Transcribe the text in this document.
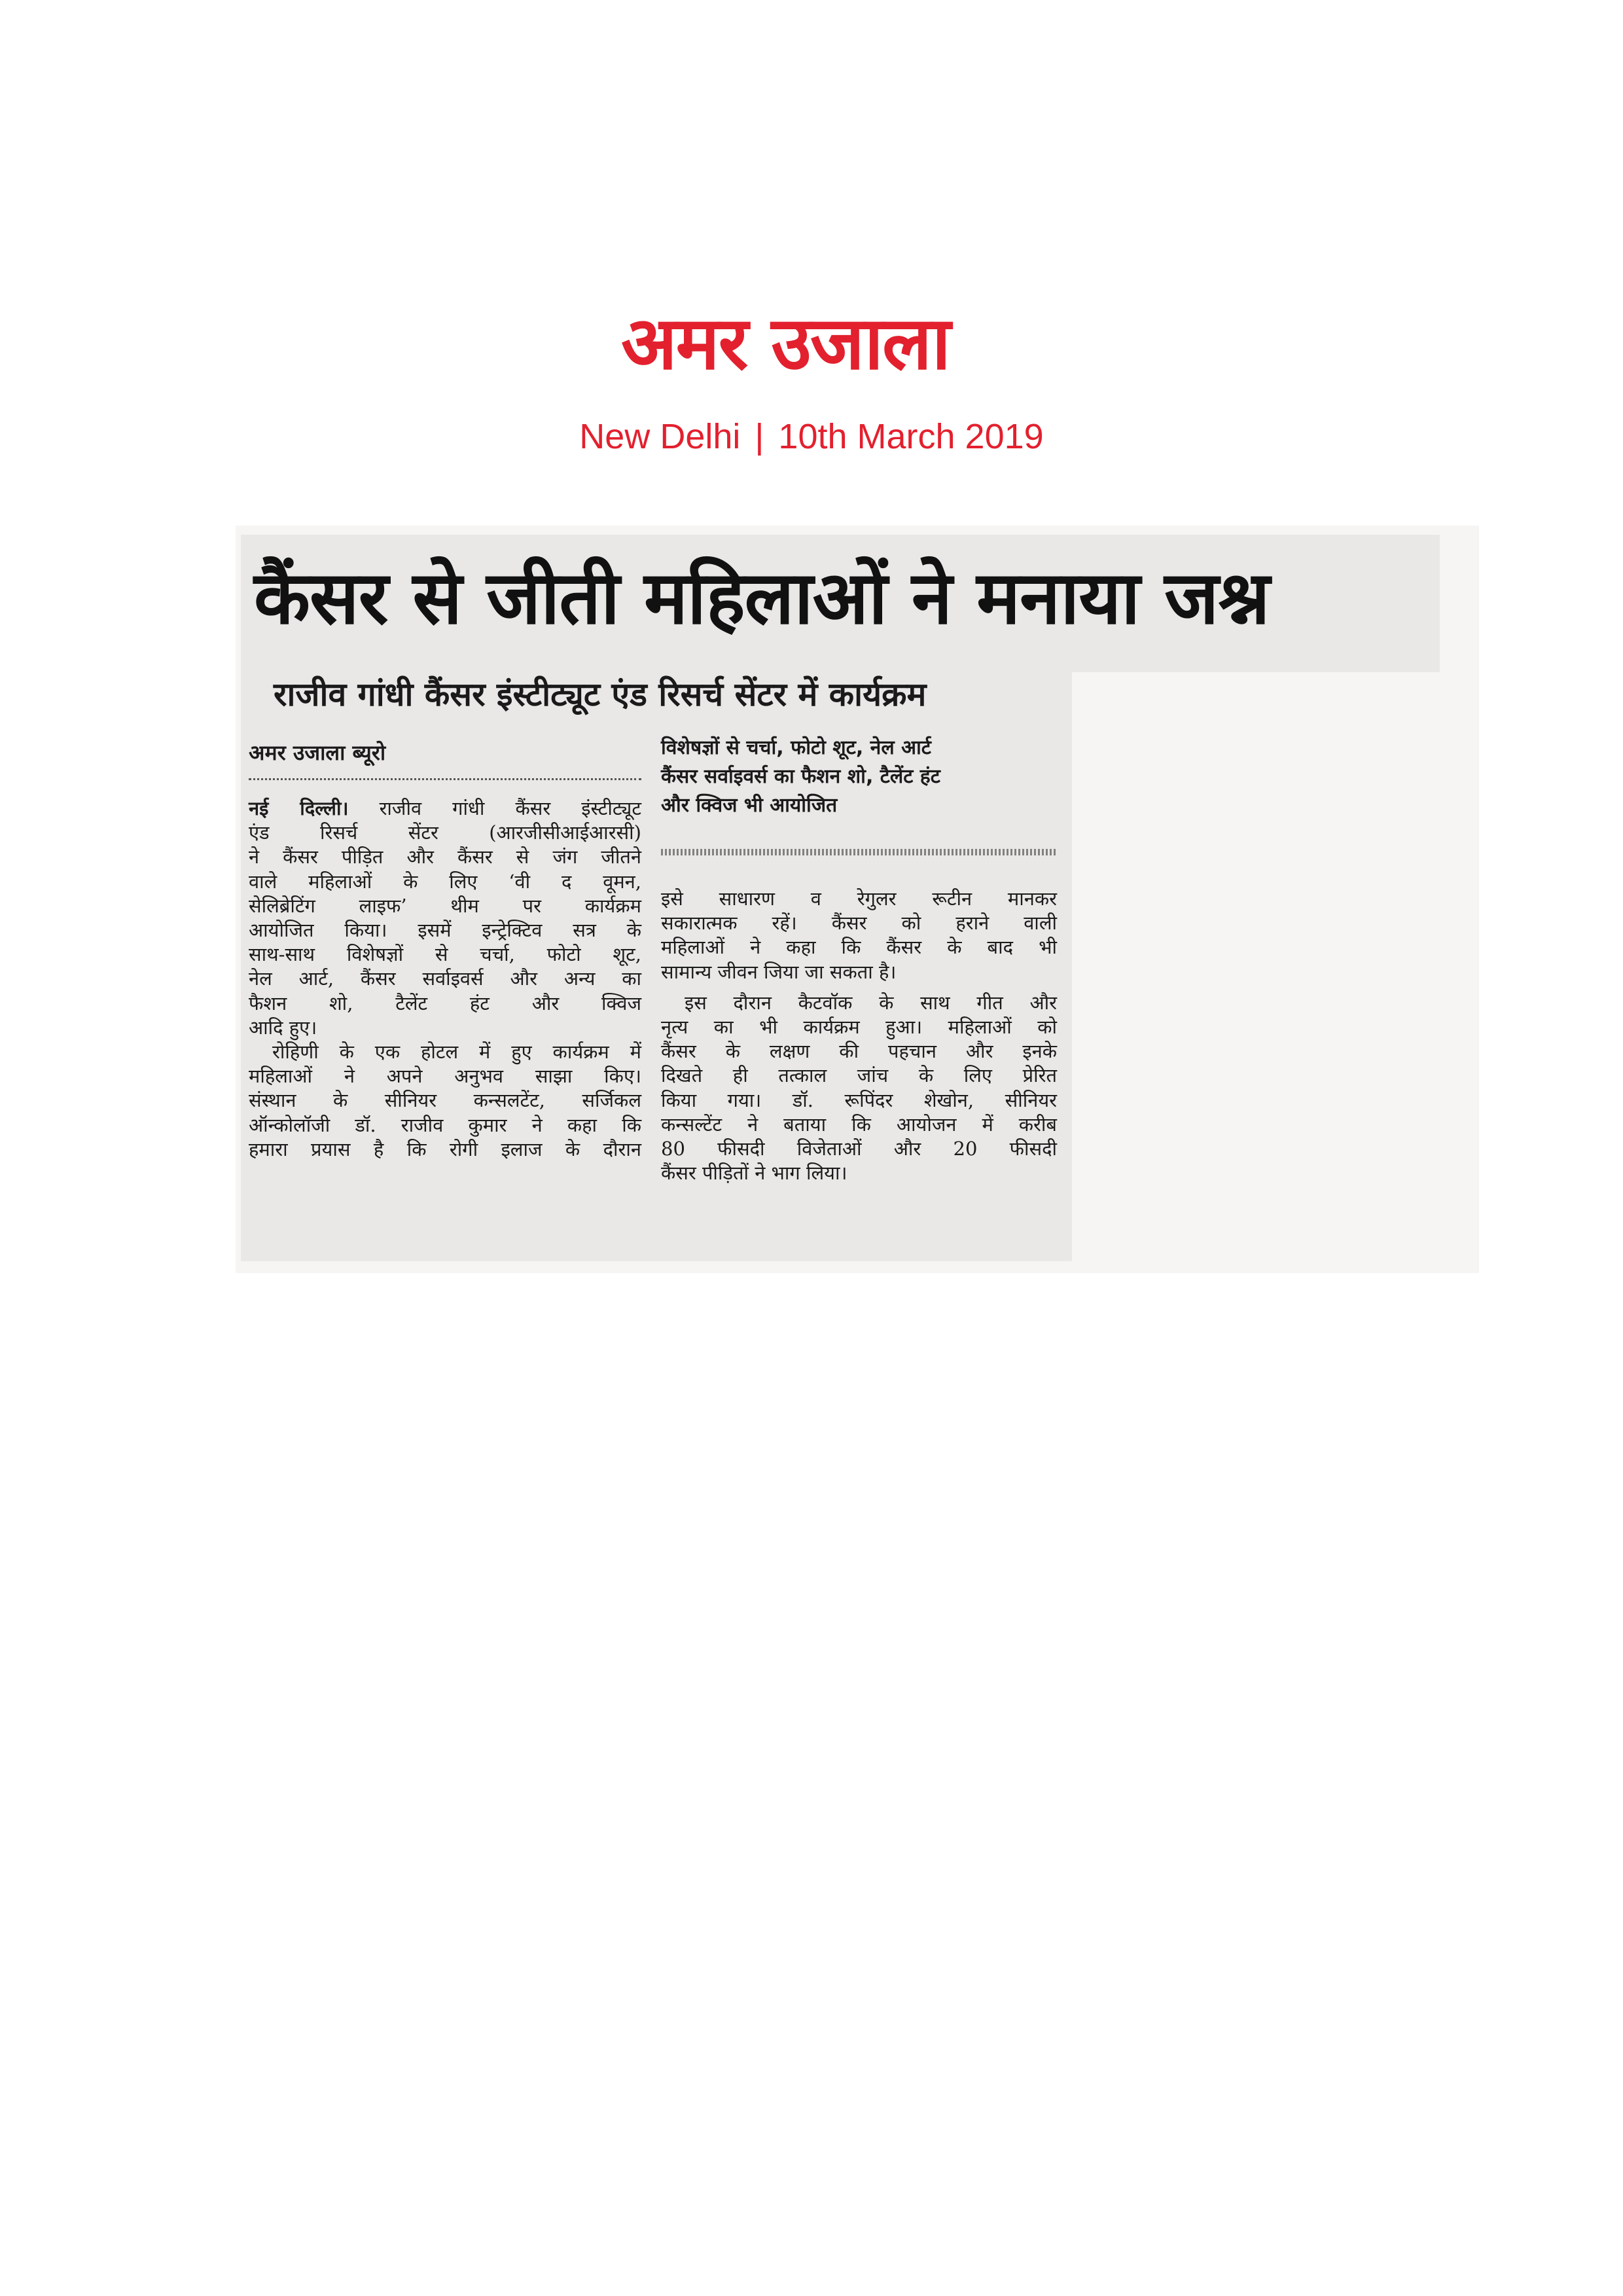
अमर उजाला
New Delhi | 10th March 2019
कैंसर से जीती महिलाओं ने मनाया जश्न
राजीव गांधी कैंसर इंस्टीट्यूट एंड रिसर्च सेंटर में कार्यक्रम
अमर उजाला ब्यूरो	विशेषज्ञों से चर्चा, फोटो शूट, नेल आर्ट
कैंसर सर्वाइवर्स का फैशन शो, टैलेंट हंट
और क्विज भी आयोजित

नई दिल्ली। राजीव गांधी कैंसर इंस्टीट्यूट

एंड रिसर्च सेंटर (आरजीसीआईआरसी)

ने कैंसर पीड़ित और कैंसर से जंग जीतने

वाले महिलाओं के लिए ‘वी द वूमन,

सेलिब्रेटिंग लाइफ’ थीम पर कार्यक्रम

आयोजित किया। इसमें इन्ट्रेक्टिव सत्र के

साथ-साथ विशेषज्ञों से चर्चा, फोटो शूट,

नेल आर्ट, कैंसर सर्वाइवर्स और अन्य का

फैशन शो, टैलेंट हंट और क्विज

आदि हुए।

रोहिणी के एक होटल में हुए कार्यक्रम में

महिलाओं ने अपने अनुभव साझा किए।

संस्थान के सीनियर कन्सलटेंट, सर्जिकल

ऑन्कोलॉजी डॉ. राजीव कुमार ने कहा कि

हमारा प्रयास है कि रोगी इलाज के दौरान

इसे साधारण व रेगुलर रूटीन मानकर

सकारात्मक रहें। कैंसर को हराने वाली

महिलाओं ने कहा कि कैंसर के बाद भी

सामान्य जीवन जिया जा सकता है।

इस दौरान कैटवॉक के साथ गीत और

नृत्य का भी कार्यक्रम हुआ। महिलाओं को

कैंसर के लक्षण की पहचान और इनके

दिखते ही तत्काल जांच के लिए प्रेरित

किया गया। डॉ. रूपिंदर शेखोन, सीनियर

कन्सल्टेंट ने बताया कि आयोजन में करीब

80 फीसदी विजेताओं और 20 फीसदी

कैंसर पीड़ितों ने भाग लिया।
